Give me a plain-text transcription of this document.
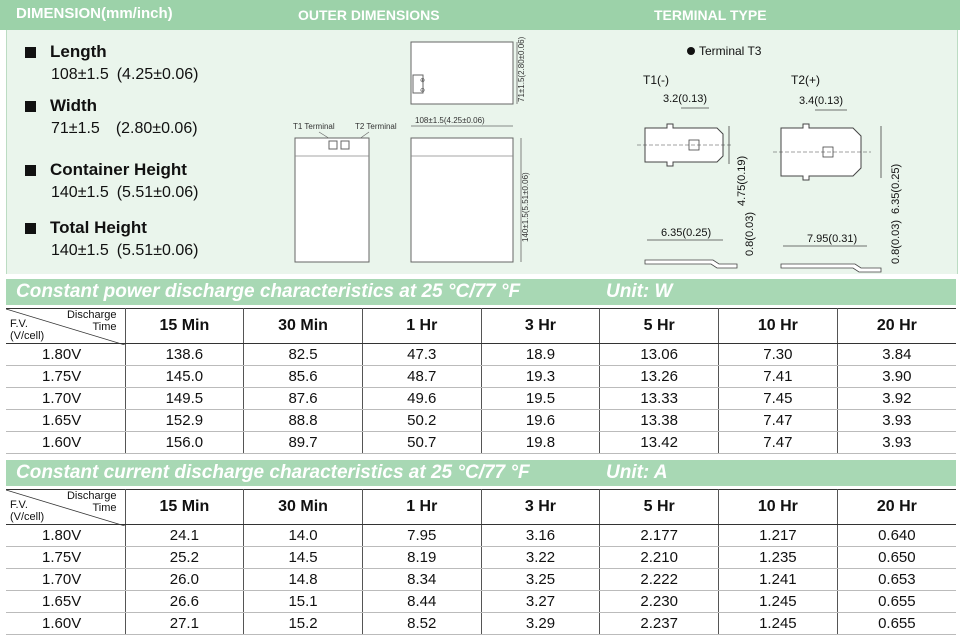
DIMENSION(mm/inch)	OUTER DIMENSIONS	TERMINAL TYPE
Length
108±1.5 (4.25±0.06)
Width
71±1.5 (2.80±0.06)
Container Height
140±1.5 (5.51±0.06)
Total Height
140±1.5 (5.51±0.06)
⊕
⊖	71±1.5(2.80±0.06)
108±1.5(4.25±0.06)
T1 Terminal	T2 Terminal
140±1.5(5.51±0.06)
Terminal T3
T1(-)
3.2(0.13)
4.75(0.19)
6.35(0.25)	0.8(0.03)
T2(+)
3.4(0.13)
6.35(0.25)
7.95(0.31)	0.8(0.03)
Constant power discharge characteristics at 25 °C/77 °F	Unit: W
Discharge
Time
F.V.
(V/cell)	15 Min	30 Min	1 Hr	3 Hr	5 Hr	10 Hr	20 Hr
1.80V	138.6	82.5	47.3	18.9	13.06	7.30	3.84
1.75V	145.0	85.6	48.7	19.3	13.26	7.41	3.90
1.70V	149.5	87.6	49.6	19.5	13.33	7.45	3.92
1.65V	152.9	88.8	50.2	19.6	13.38	7.47	3.93
1.60V	156.0	89.7	50.7	19.8	13.42	7.47	3.93
Constant current discharge characteristics at 25 °C/77 °F	Unit: A
Discharge
Time
F.V.
(V/cell)	15 Min	30 Min	1 Hr	3 Hr	5 Hr	10 Hr	20 Hr
1.80V	24.1	14.0	7.95	3.16	2.177	1.217	0.640
1.75V	25.2	14.5	8.19	3.22	2.210	1.235	0.650
1.70V	26.0	14.8	8.34	3.25	2.222	1.241	0.653
1.65V	26.6	15.1	8.44	3.27	2.230	1.245	0.655
1.60V	27.1	15.2	8.52	3.29	2.237	1.245	0.655
